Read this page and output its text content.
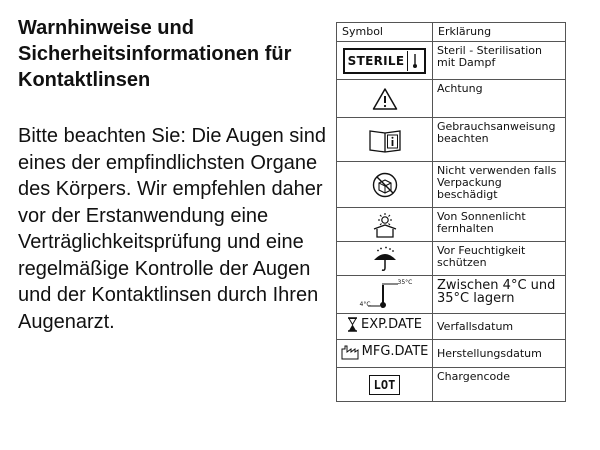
Warnhinweise und Sicherheitsinformationen für Kontaktlinsen
Bitte beachten Sie: Die Augen sind eines der empfindlichsten Organe des Körpers. Wir empfehlen daher vor der Erstanwendung eine Verträglichkeitsprüfung und eine regelmäßige Kontrolle der Augen und der Kontaktlinsen durch Ihren Augenarzt.
Symbol	Erklärung

STERILE	Steril - Sterilisation mit Dampf

	Achtung

	Gebrauchsanweisung beachten

	Nicht verwenden falls Verpackung beschädigt

	Von Sonnenlicht fernhalten

	Vor Feuchtigkeit schützen

4°C
35°C	Zwischen 4°C und 35°C lagern

EXP.DATE	Verfallsdatum

MFG.DATE	Herstellungsdatum
LOT	Chargencode
